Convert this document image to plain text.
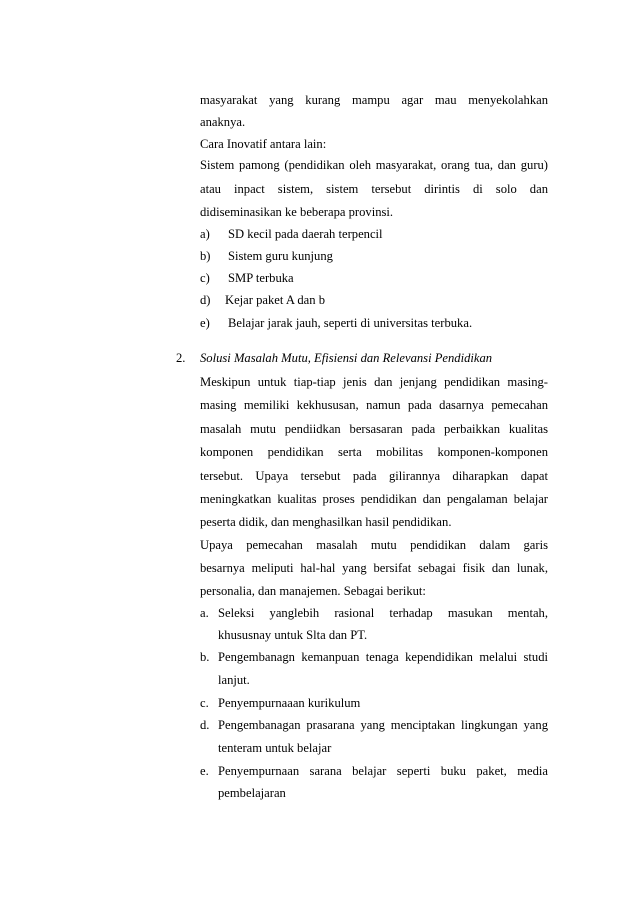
masyarakat yang kurang mampu agar mau menyekolahkan
anaknya.
Cara Inovatif antara lain:
Sistem pamong (pendidikan oleh masyarakat, orang tua, dan guru)
atau inpact sistem, sistem tersebut dirintis di solo dan
didiseminasikan ke beberapa provinsi.
a) SD kecil pada daerah terpencil
b) Sistem guru kunjung
c) SMP terbuka
d) Kejar paket A dan b
e) Belajar jarak jauh, seperti di universitas terbuka.
2. Solusi Masalah Mutu, Efisiensi dan Relevansi Pendidikan
Meskipun untuk tiap-tiap jenis dan jenjang pendidikan masing-
masing memiliki kekhususan, namun pada dasarnya pemecahan
masalah mutu pendiidkan bersasaran pada perbaikkan kualitas
komponen pendidikan serta mobilitas komponen-komponen
tersebut. Upaya tersebut pada gilirannya diharapkan dapat
meningkatkan kualitas proses pendidikan dan pengalaman belajar
peserta didik, dan menghasilkan hasil pendidikan.
Upaya pemecahan masalah mutu pendidikan dalam garis
besarnya meliputi hal-hal yang bersifat sebagai fisik dan lunak,
personalia, dan manajemen. Sebagai berikut:
a. Seleksi yanglebih rasional terhadap masukan mentah,
khususnay untuk Slta dan PT.
b. Pengembanagn kemanpuan tenaga kependidikan melalui studi
lanjut.
c. Penyempurnaaan kurikulum
d. Pengembanagan prasarana yang menciptakan lingkungan yang
tenteram untuk belajar
e. Penyempurnaan sarana belajar seperti buku paket, media
pembelajaran
